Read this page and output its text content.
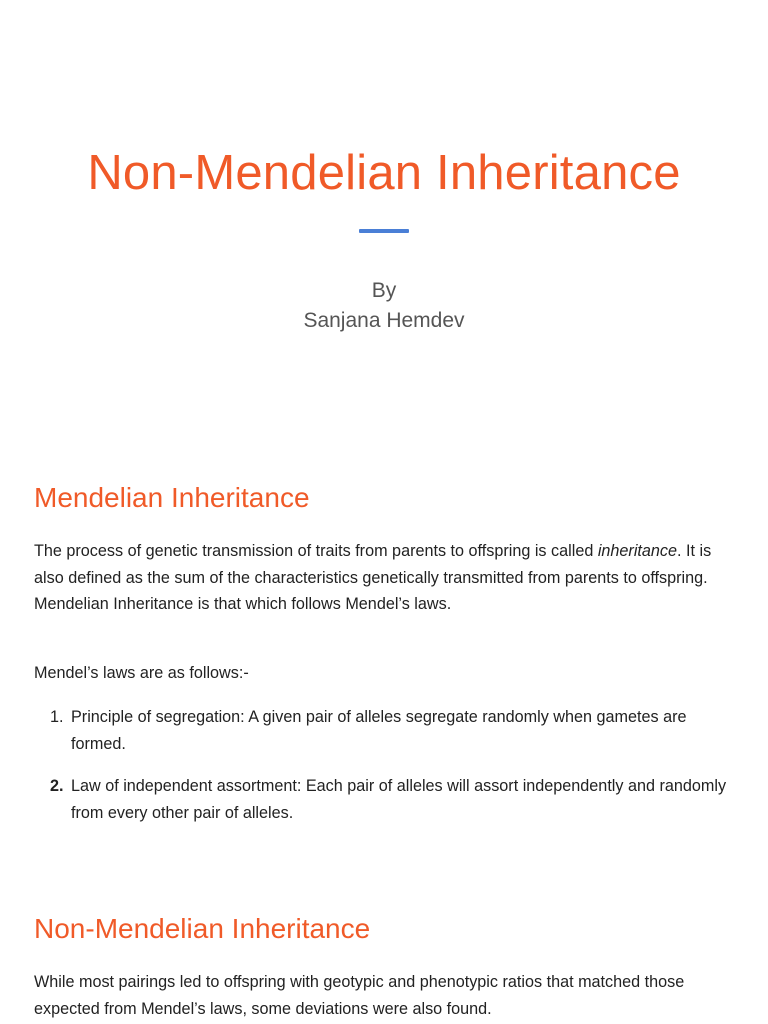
Non-Mendelian Inheritance
By
Sanjana Hemdev
Mendelian Inheritance

The process of genetic transmission of traits from parents to offspring is called inheritance. It is also defined as the sum of the characteristics genetically transmitted from parents to offspring. Mendelian Inheritance is that which follows Mendel’s laws.

Mendel’s laws are as follows:-

1. Principle of segregation: A given pair of alleles segregate randomly when gametes are formed.
2. Law of independent assortment: Each pair of alleles will assort independently and randomly from every other pair of alleles.
Non-Mendelian Inheritance

While most pairings led to offspring with geotypic and phenotypic ratios that matched those expected from Mendel’s laws, some deviations were also found.
